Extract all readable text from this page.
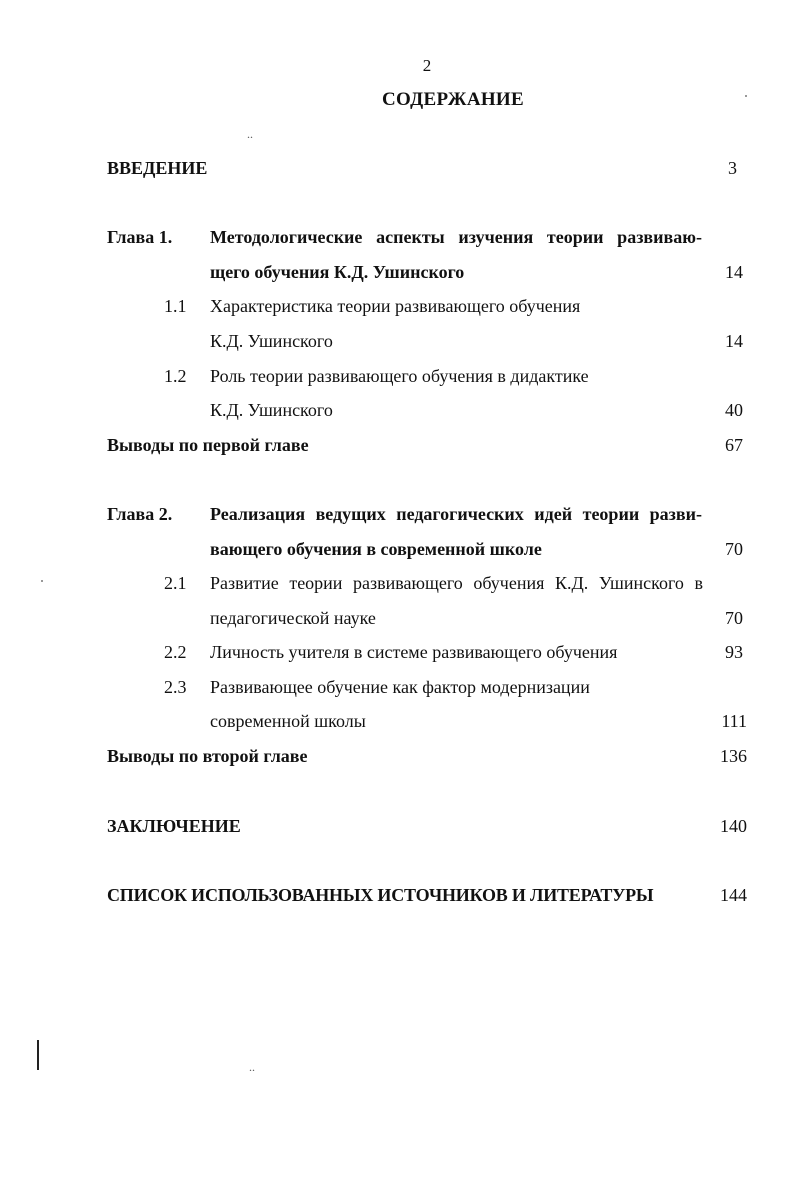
2
СОДЕРЖАНИЕ
ВВЕДЕНИЕ	3
Глава 1. Методологические аспекты изучения теории развиваю-
щего обучения К.Д. Ушинского	14
1.1 Характеристика теории развивающего обучения
К.Д. Ушинского	14
1.2 Роль теории развивающего обучения в дидактике
К.Д. Ушинского	40
Выводы по первой главе	67
Глава 2. Реализация ведущих педагогических идей теории разви-
вающего обучения в современной школе	70
2.1 Развитие теории развивающего обучения К.Д. Ушинского в
педагогической науке	70
2.2 Личность учителя в системе развивающего обучения	93
2.3 Развивающее обучение как фактор модернизации
современной школы	111
Выводы по второй главе	136
ЗАКЛЮЧЕНИЕ	140
СПИСОК ИСПОЛЬЗОВАННЫХ ИСТОЧНИКОВ И ЛИТЕРАТУРЫ	144
..
..
